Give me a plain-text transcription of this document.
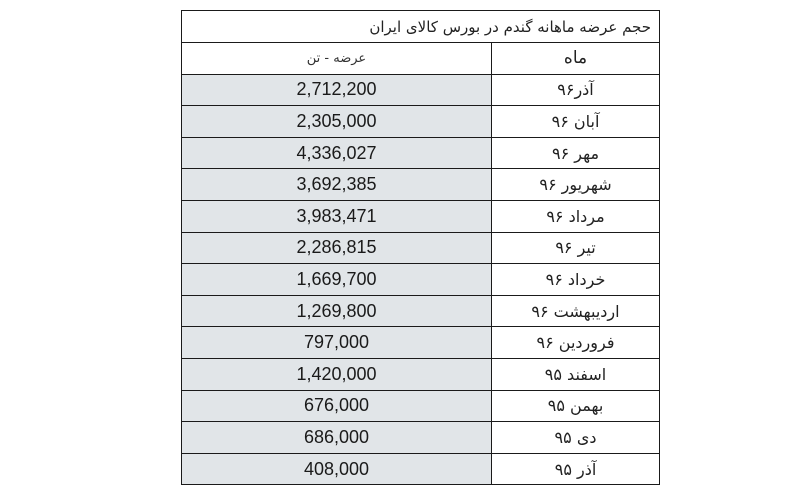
حجم عرضه ماهانه گندم در بورس کالای ایران	
عرضه - تن	ماه
2,712,200	آذر۹۶
2,305,000	آبان ۹۶
4,336,027	مهر ۹۶
3,692,385	شهریور ۹۶
3,983,471	مرداد ۹۶
2,286,815	تیر ۹۶
1,669,700	خرداد ۹۶
1,269,800	اردیبهشت ۹۶
797,000	فروردین ۹۶
1,420,000	اسفند ۹۵
676,000	بهمن ۹۵
686,000	دی ۹۵
408,000	آذر ۹۵
